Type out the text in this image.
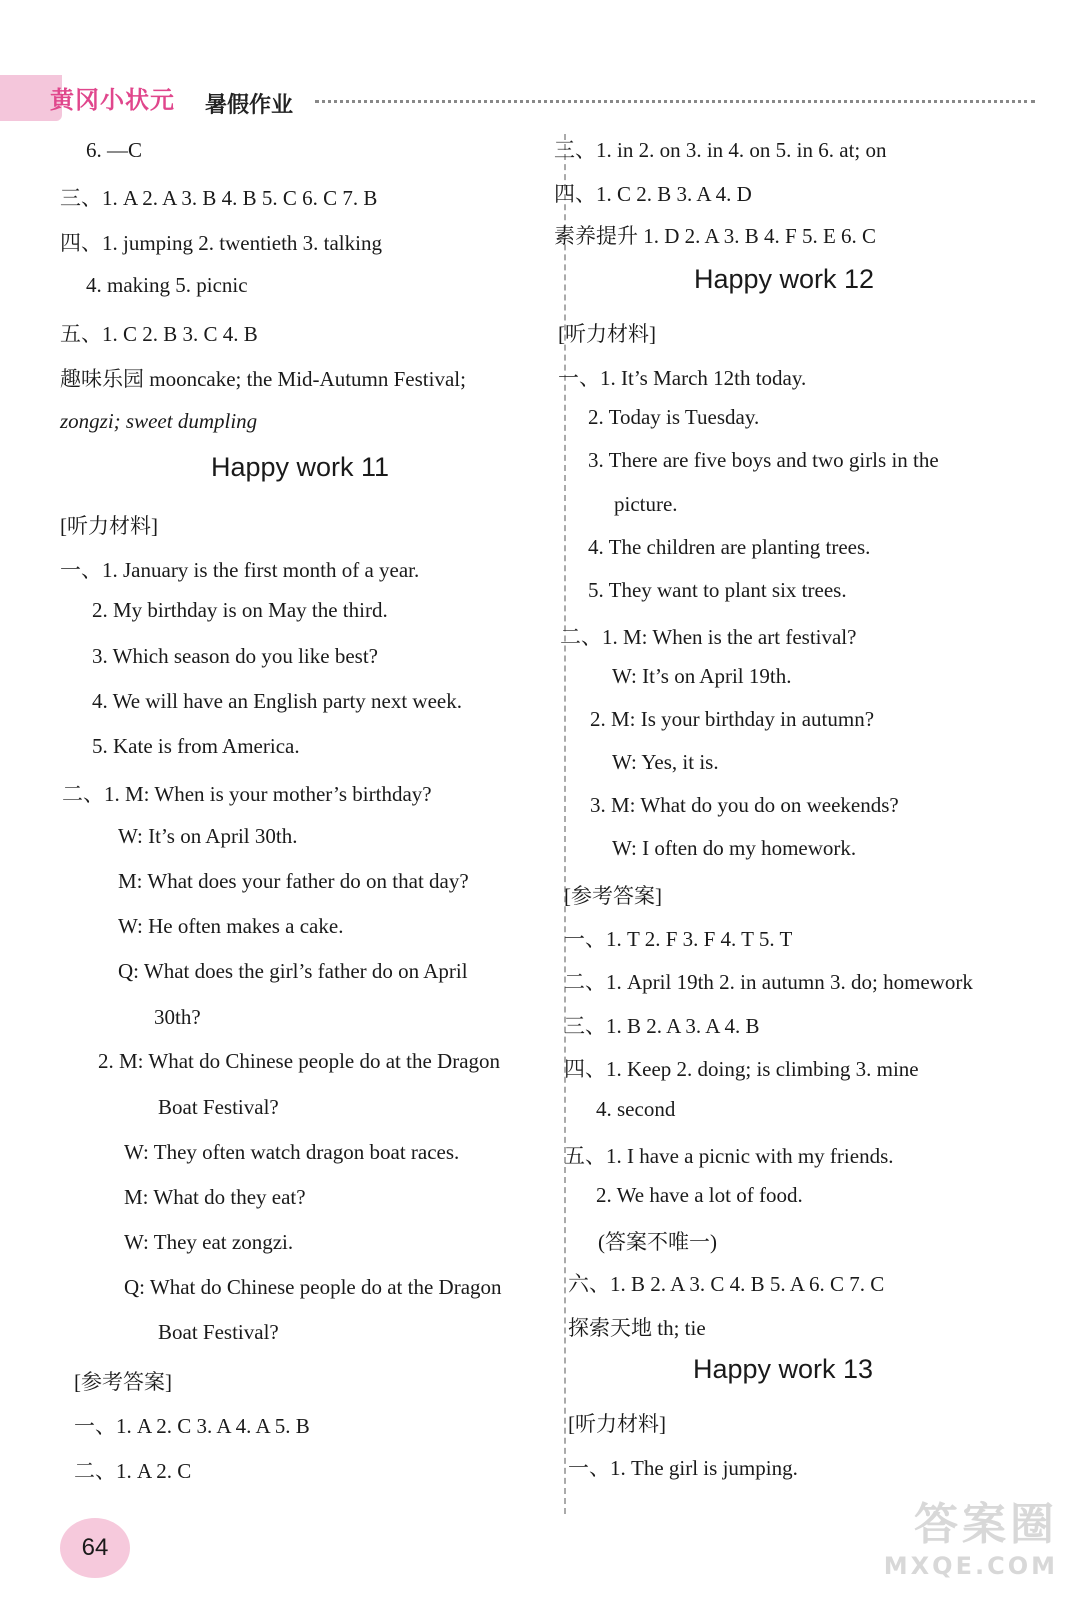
黄冈小状元 暑假作业
6. —C
三、1. A 2. A 3. B 4. B 5. C 6. C 7. B
四、1. jumping 2. twentieth 3. talking
4. making 5. picnic
五、1. C 2. B 3. C 4. B
趣味乐园 mooncake; the Mid-Autumn Festival;
zongzi; sweet dumpling
Happy work 11
[听力材料]
一、1. January is the first month of a year.
2. My birthday is on May the third.
3. Which season do you like best?
4. We will have an English party next week.
5. Kate is from America.
二、1. M: When is your mother’s birthday?
W: It’s on April 30th.
M: What does your father do on that day?
W: He often makes a cake.
Q: What does the girl’s father do on April
30th?
2. M: What do Chinese people do at the Dragon
Boat Festival?
W: They often watch dragon boat races.
M: What do they eat?
W: They eat zongzi.
Q: What do Chinese people do at the Dragon
Boat Festival?
[参考答案]
一、1. A 2. C 3. A 4. A 5. B
二、1. A 2. C
三、1. in 2. on 3. in 4. on 5. in 6. at; on
四、1. C 2. B 3. A 4. D
素养提升 1. D 2. A 3. B 4. F 5. E 6. C
Happy work 12
[听力材料]
一、1. It’s March 12th today.
2. Today is Tuesday.
3. There are five boys and two girls in the
picture.
4. The children are planting trees.
5. They want to plant six trees.
二、1. M: When is the art festival?
W: It’s on April 19th.
2. M: Is your birthday in autumn?
W: Yes, it is.
3. M: What do you do on weekends?
W: I often do my homework.
[参考答案]
一、1. T 2. F 3. F 4. T 5. T
二、1. April 19th 2. in autumn 3. do; homework
三、1. B 2. A 3. A 4. B
四、1. Keep 2. doing; is climbing 3. mine
4. second
五、1. I have a picnic with my friends.
2. We have a lot of food.
(答案不唯一)
六、1. B 2. A 3. C 4. B 5. A 6. C 7. C
探索天地 th; tie
Happy work 13
[听力材料]
一、1. The girl is jumping.
64	答案圈
MXQE.COM
